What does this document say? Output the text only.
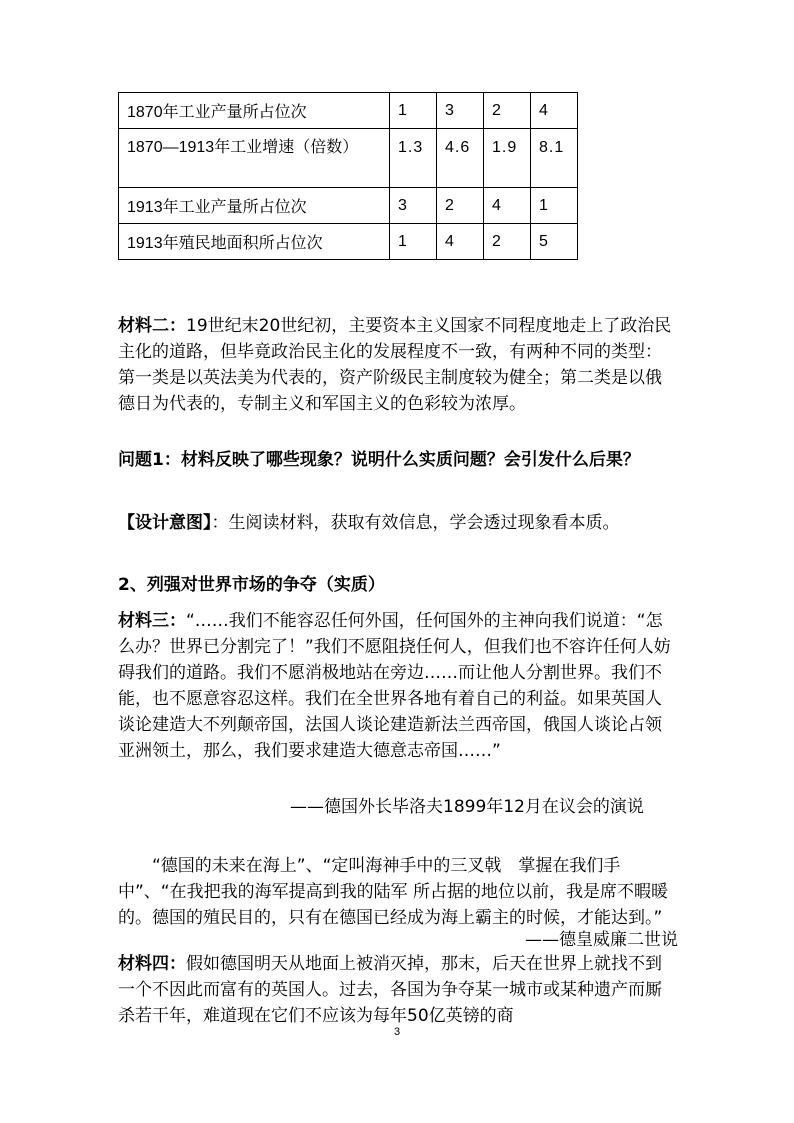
1870年工业产量所占位次	1	3	2	4
1870—1913年工业增速（倍数）	1.3	4.6	1.9	8.1
1913年工业产量所占位次	3	2	4	1
1913年殖民地面积所占位次	1	4	2	5
材料二：19世纪末20世纪初，主要资本主义国家不同程度地走上了政治民主化的道路，但毕竟政治民主化的发展程度不一致，有两种不同的类型：第一类是以英法美为代表的，资产阶级民主制度较为健全；第二类是以俄德日为代表的，专制主义和军国主义的色彩较为浓厚。
问题1：材料反映了哪些现象？说明什么实质问题？会引发什么后果？
【设计意图】：生阅读材料，获取有效信息，学会透过现象看本质。
2、列强对世界市场的争夺（实质）
材料三：“……我们不能容忍任何外国，任何国外的主神向我们说道：“怎么办？世界已分割完了！”我们不愿阻挠任何人，但我们也不容许任何人妨碍我们的道路。我们不愿消极地站在旁边……而让他人分割世界。我们不能，也不愿意容忍这样。我们在全世界各地有着自己的利益。如果英国人谈论建造大不列颠帝国，法国人谈论建造新法兰西帝国，俄国人谈论占领亚洲领土，那么，我们要求建造大德意志帝国……”
——德国外长毕洛夫1899年12月在议会的演说
“德国的未来在海上”、“定叫海神手中的三叉戟　掌握在我们手中”、“在我把我的海军提高到我的陆军 所占据的地位以前，我是席不暇暖的。德国的殖民目的，只有在德国已经成为海上霸主的时候，才能达到。”
——德皇威廉二世说
材料四：假如德国明天从地面上被消灭掉，那末，后天在世界上就找不到一个不因此而富有的英国人。过去，各国为争夺某一城市或某种遗产而厮杀若干年，难道现在它们不应该为每年50亿英镑的商
3
